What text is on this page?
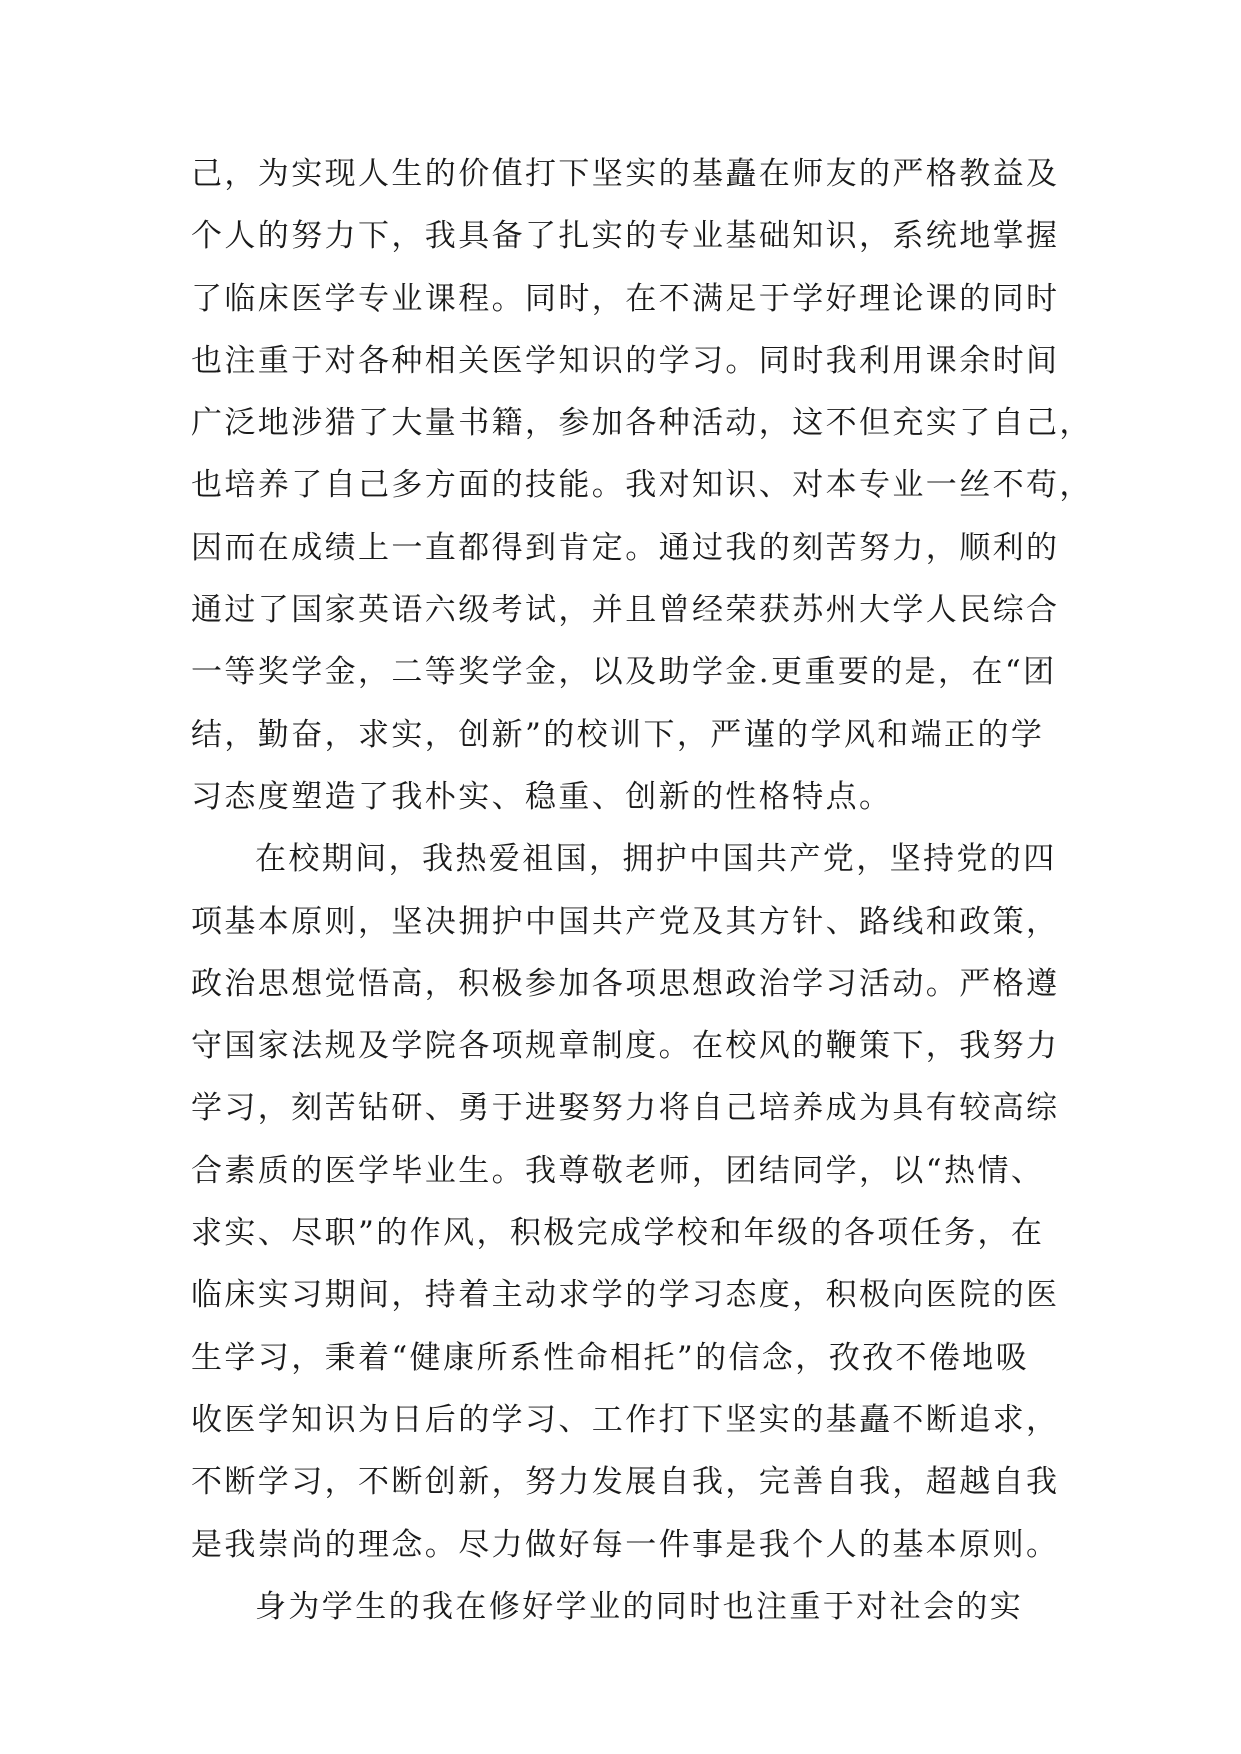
己，为实现人生的价值打下坚实的基矗在师友的严格教益及
个人的努力下，我具备了扎实的专业基础知识，系统地掌握
了临床医学专业课程。同时，在不满足于学好理论课的同时
也注重于对各种相关医学知识的学习。同时我利用课余时间
广泛地涉猎了大量书籍，参加各种活动，这不但充实了自己，
也培养了自己多方面的技能。我对知识、对本专业一丝不苟，
因而在成绩上一直都得到肯定。通过我的刻苦努力，顺利的
通过了国家英语六级考试，并且曾经荣获苏州大学人民综合
一等奖学金，二等奖学金，以及助学金.更重要的是，在“团
结，勤奋，求实，创新”的校训下，严谨的学风和端正的学
习态度塑造了我朴实、稳重、创新的性格特点。
在校期间，我热爱祖国，拥护中国共产党，坚持党的四
项基本原则，坚决拥护中国共产党及其方针、路线和政策，
政治思想觉悟高，积极参加各项思想政治学习活动。严格遵
守国家法规及学院各项规章制度。在校风的鞭策下，我努力
学习，刻苦钻研、勇于进娶努力将自己培养成为具有较高综
合素质的医学毕业生。我尊敬老师，团结同学，以“热情、
求实、尽职”的作风，积极完成学校和年级的各项任务，在
临床实习期间，持着主动求学的学习态度，积极向医院的医
生学习，秉着“健康所系性命相托”的信念，孜孜不倦地吸
收医学知识为日后的学习、工作打下坚实的基矗不断追求，
不断学习，不断创新，努力发展自我，完善自我，超越自我
是我崇尚的理念。尽力做好每一件事是我个人的基本原则。
身为学生的我在修好学业的同时也注重于对社会的实
